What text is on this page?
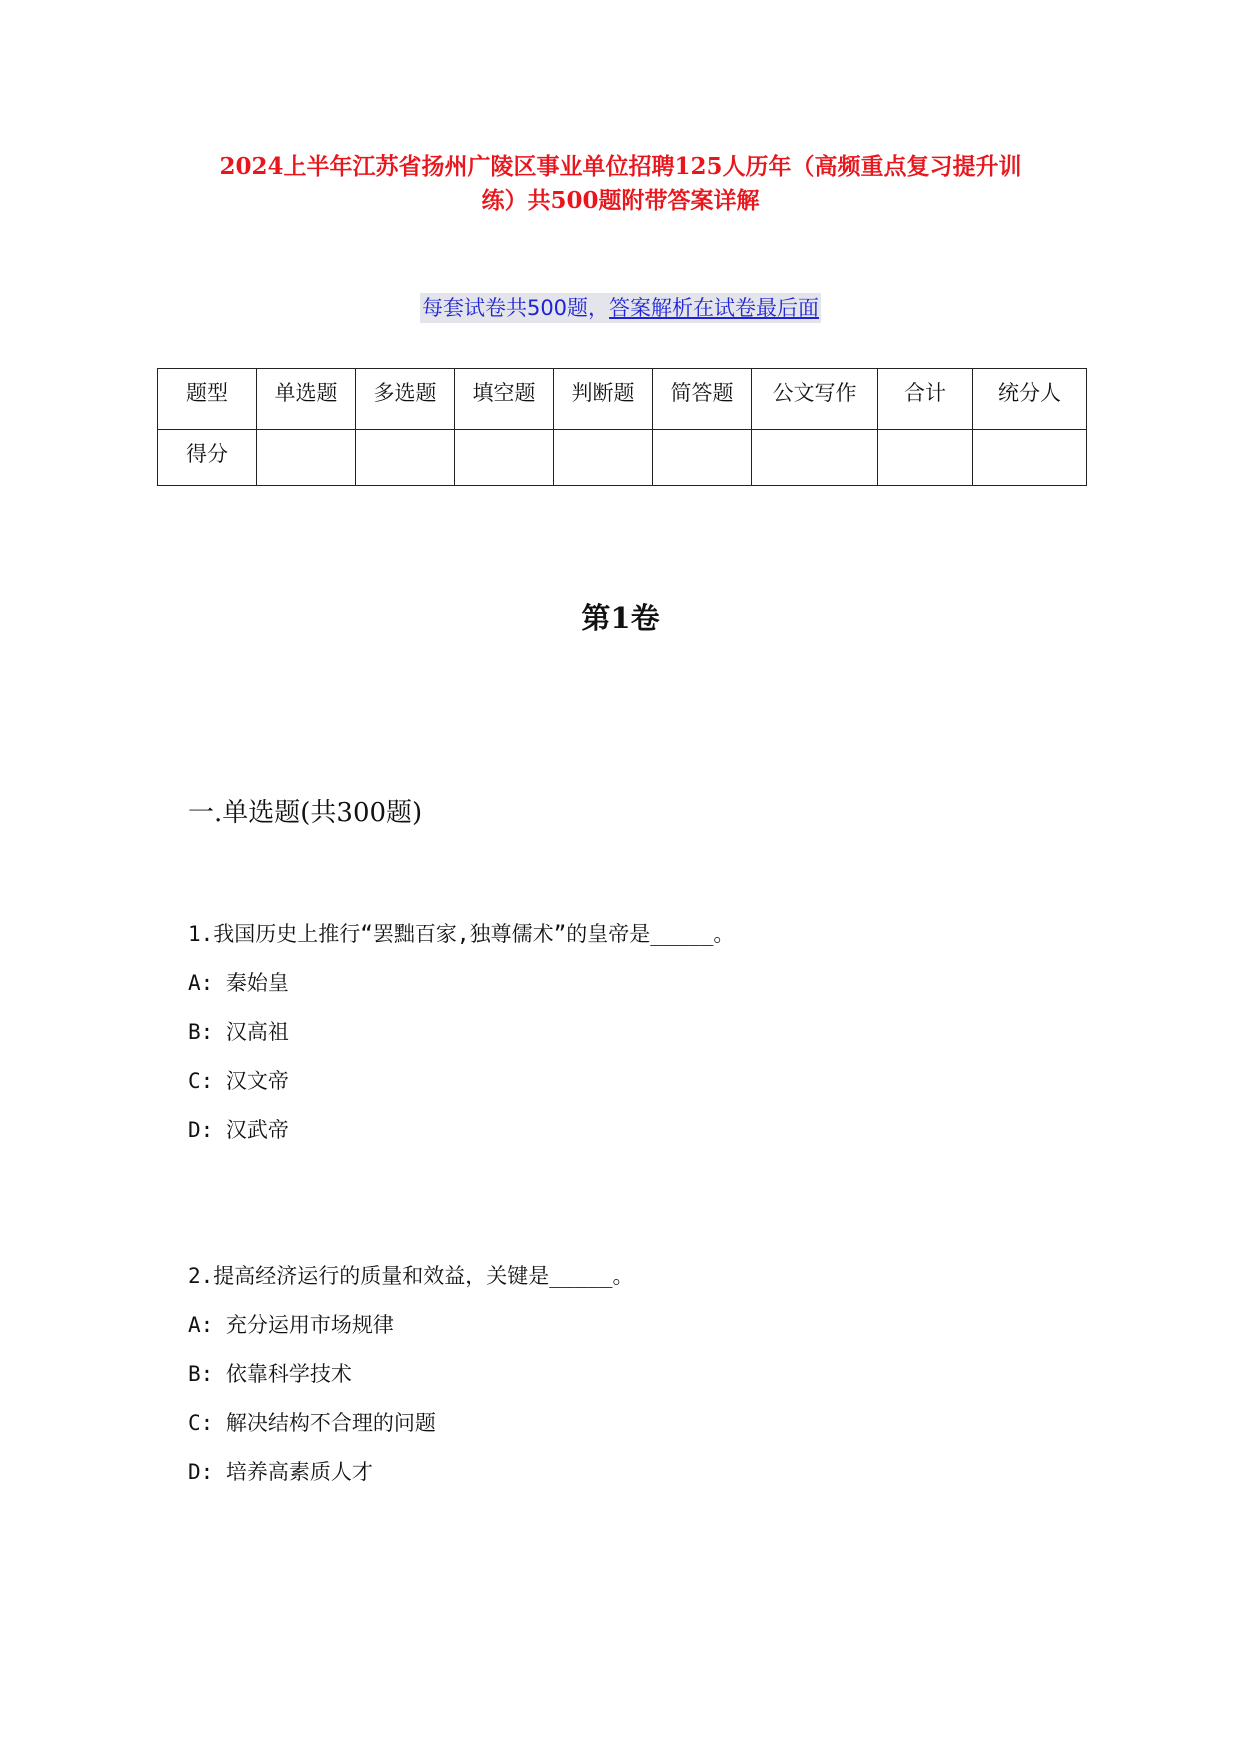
2024上半年江苏省扬州广陵区事业单位招聘125人历年（高频重点复习提升训
练）共500题附带答案详解
每套试卷共500题，答案解析在试卷最后面
题型	单选题	多选题	填空题	判断题	简答题	公文写作	合计	统分人
得分								
第1卷
一.单选题(共300题)
1.我国历史上推行“罢黜百家,独尊儒术”的皇帝是_____。
A: 秦始皇
B: 汉高祖
C: 汉文帝
D: 汉武帝
2.提高经济运行的质量和效益，关键是_____。
A: 充分运用市场规律
B: 依靠科学技术
C: 解决结构不合理的问题
D: 培养高素质人才
